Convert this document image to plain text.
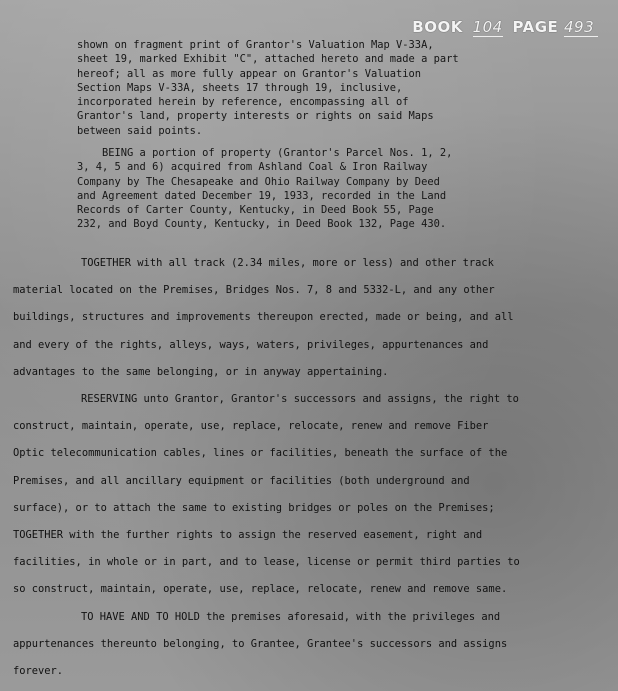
BOOK 104 PAGE 493
shown on fragment print of Grantor's Valuation Map V-33A,
sheet 19, marked Exhibit "C", attached hereto and made a part
hereof; all as more fully appear on Grantor's Valuation
Section Maps V-33A, sheets 17 through 19, inclusive,
incorporated herein by reference, encompassing all of
Grantor's land, property interests or rights on said Maps
between said points.
BEING a portion of property (Grantor's Parcel Nos. 1, 2,
3, 4, 5 and 6) acquired from Ashland Coal & Iron Railway
Company by The Chesapeake and Ohio Railway Company by Deed
and Agreement dated December 19, 1933, recorded in the Land
Records of Carter County, Kentucky, in Deed Book 55, Page
232, and Boyd County, Kentucky, in Deed Book 132, Page 430.
TOGETHER with all track (2.34 miles, more or less) and other track
material located on the Premises, Bridges Nos. 7, 8 and 5332-L, and any other
buildings, structures and improvements thereupon erected, made or being, and all
and every of the rights, alleys, ways, waters, privileges, appurtenances and
advantages to the same belonging, or in anyway appertaining.
RESERVING unto Grantor, Grantor's successors and assigns, the right to
construct, maintain, operate, use, replace, relocate, renew and remove Fiber
Optic telecommunication cables, lines or facilities, beneath the surface of the
Premises, and all ancillary equipment or facilities (both underground and
surface), or to attach the same to existing bridges or poles on the Premises;
TOGETHER with the further rights to assign the reserved easement, right and
facilities, in whole or in part, and to lease, license or permit third parties to
so construct, maintain, operate, use, replace, relocate, renew and remove same.
TO HAVE AND TO HOLD the premises aforesaid, with the privileges and
appurtenances thereunto belonging, to Grantee, Grantee's successors and assigns
forever.
